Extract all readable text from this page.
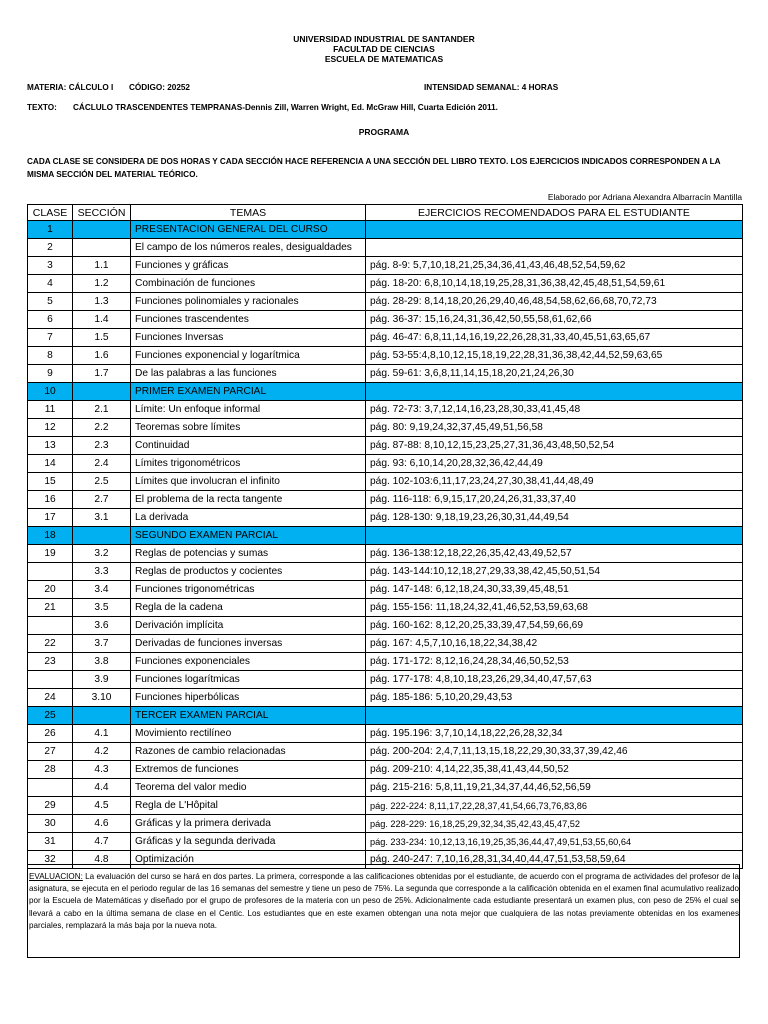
UNIVERSIDAD INDUSTRIAL DE SANTANDER
FACULTAD DE CIENCIAS
ESCUELA DE MATEMATICAS
MATERIA: CÁLCULO I CÓDIGO: 20252	INTENSIDAD SEMANAL: 4 HORAS
TEXTO: CÁCLULO TRASCENDENTES TEMPRANAS-Dennis Zill, Warren Wright, Ed. McGraw Hill, Cuarta Edición 2011.
PROGRAMA
CADA CLASE SE CONSIDERA DE DOS HORAS Y CADA SECCIÓN HACE REFERENCIA A UNA SECCIÓN DEL LIBRO TEXTO. LOS EJERCICIOS INDICADOS CORRESPONDEN A LA
MISMA SECCIÓN DEL MATERIAL TEÓRICO.
Elaborado por Adriana Alexandra Albarracín Mantilla
CLASE	SECCIÓN	TEMAS	EJERCICIOS RECOMENDADOS PARA EL ESTUDIANTE
1		PRESENTACION GENERAL DEL CURSO	
2		El campo de los números reales, desigualdades	
3	1.1	Funciones y gráficas	pág. 8-9: 5,7,10,18,21,25,34,36,41,43,46,48,52,54,59,62
4	1.2	Combinación de funciones	pág. 18-20: 6,8,10,14,18,19,25,28,31,36,38,42,45,48,51,54,59,61
5	1.3	Funciones polinomiales y racionales	pág. 28-29: 8,14,18,20,26,29,40,46,48,54,58,62,66,68,70,72,73
6	1.4	Funciones trascendentes	pág. 36-37: 15,16,24,31,36,42,50,55,58,61,62,66
7	1.5	Funciones Inversas	pág. 46-47: 6,8,11,14,16,19,22,26,28,31,33,40,45,51,63,65,67
8	1.6	Funciones exponencial y logarítmica	pág. 53-55:4,8,10,12,15,18,19,22,28,31,36,38,42,44,52,59,63,65
9	1.7	De las palabras a las funciones	pág. 59-61: 3,6,8,11,14,15,18,20,21,24,26,30
10		PRIMER EXAMEN PARCIAL	
11	2.1	Límite: Un enfoque informal	pág. 72-73: 3,7,12,14,16,23,28,30,33,41,45,48
12	2.2	Teoremas sobre límites	pág. 80: 9,19,24,32,37,45,49,51,56,58
13	2.3	Continuidad	pág. 87-88: 8,10,12,15,23,25,27,31,36,43,48,50,52,54
14	2.4	Límites trigonométricos	pág. 93: 6,10,14,20,28,32,36,42,44,49
15	2.5	Límites que involucran el infinito	pág. 102-103:6,11,17,23,24,27,30,38,41,44,48,49
16	2.7	El problema de la recta tangente	pág. 116-118: 6,9,15,17,20,24,26,31,33,37,40
17	3.1	La derivada	pág. 128-130: 9,18,19,23,26,30,31,44,49,54
18		SEGUNDO EXAMEN PARCIAL	
19	3.2	Reglas de potencias y sumas	pág. 136-138:12,18,22,26,35,42,43,49,52,57
	3.3	Reglas de productos y cocientes	pág. 143-144:10,12,18,27,29,33,38,42,45,50,51,54
20	3.4	Funciones trigonométricas	pág. 147-148: 6,12,18,24,30,33,39,45,48,51
21	3.5	Regla de la cadena	pág. 155-156: 11,18,24,32,41,46,52,53,59,63,68
	3.6	Derivación implícita	pág. 160-162: 8,12,20,25,33,39,47,54,59,66,69
22	3.7	Derivadas de funciones inversas	pág. 167: 4,5,7,10,16,18,22,34,38,42
23	3.8	Funciones exponenciales	pág. 171-172: 8,12,16,24,28,34,46,50,52,53
	3.9	Funciones logarítmicas	pág. 177-178: 4,8,10,18,23,26,29,34,40,47,57,63
24	3.10	Funciones hiperbólicas	pág. 185-186: 5,10,20,29,43,53
25		TERCER EXAMEN PARCIAL	
26	4.1	Movimiento rectilíneo	pág. 195.196: 3,7,10,14,18,22,26,28,32,34
27	4.2	Razones de cambio relacionadas	pág. 200-204: 2,4,7,11,13,15,18,22,29,30,33,37,39,42,46
28	4.3	Extremos de funciones	pág. 209-210: 4,14,22,35,38,41,43,44,50,52
	4.4	Teorema del valor medio	pág. 215-216: 5,8,11,19,21,34,37,44,46,52,56,59
29	4.5	Regla de L'Hôpital	pág. 222-224: 8,11,17,22,28,37,41,54,66,73,76,83,86
30	4.6	Gráficas y la primera derivada	pág. 228-229: 16,18,25,29,32,34,35,42,43,45,47,52
31	4.7	Gráficas y la segunda derivada	pág. 233-234: 10,12,13,16,19,25,35,36,44,47,49,51,53,55,60,64
32	4.8	Optimización	pág. 240-247: 7,10,16,28,31,34,40,44,47,51,53,58,59,64
EVALUACION: La evaluación del curso se hará en dos partes. La primera, corresponde a las calificaciones obtenidas por el estudiante, de acuerdo con el programa de actividades del profesor de la asignatura, se ejecuta en el periodo regular de las 16 semanas del semestre y tiene un peso de 75%. La segunda que corresponde a la calificación obtenida en el examen final acumulativo realizado por la Escuela de Matemáticas y diseñado por el grupo de profesores de la materia con un peso de 25%. Adicionalmente cada estudiante presentará un examen plus, con peso de 25% el cual se llevará a cabo en la última semana de clase en el Centic. Los estudiantes que en este examen obtengan una nota mejor que cualquiera de las notas previamente obtenidas en los examenes parciales, remplazará la más baja por la nueva nota.
